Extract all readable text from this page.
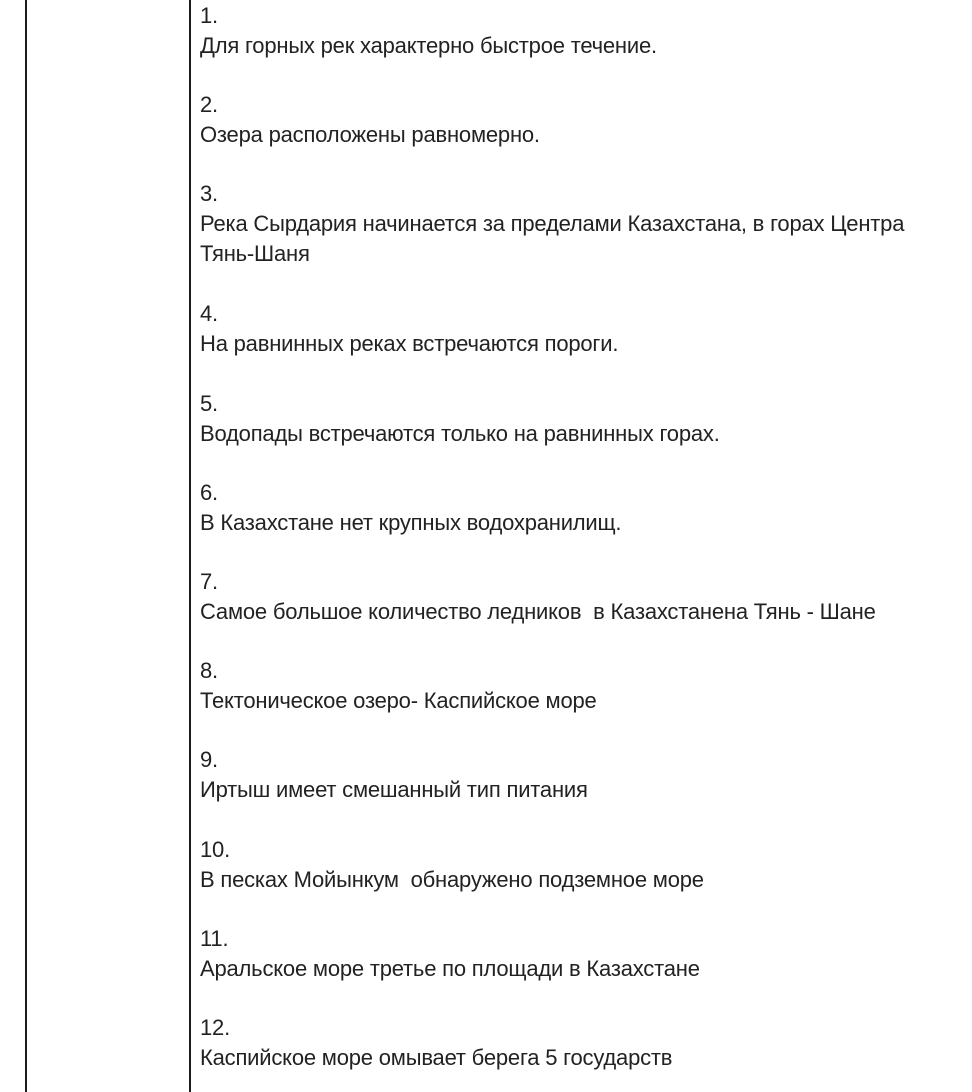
1.
Для горных рек характерно быстрое течение.
2.
Озера расположены равномерно.
3.
Река Сырдария начинается за пределами Казахстана, в горах Центра
Тянь-Шаня
4.
На равнинных реках встречаются пороги.
5.
Водопады встречаются только на равнинных горах.
6.
В Казахстане нет крупных водохранилищ.
7.
Самое большое количество ледников  в Казахстанена Тянь - Шане
8.
Тектоническое озеро- Каспийское море
9.
Иртыш имеет смешанный тип питания
10.
В песках Мойынкум  обнаружено подземное море
11.
Аральское море третье по площади в Казахстане
12.
Каспийское море омывает берега 5 государств
